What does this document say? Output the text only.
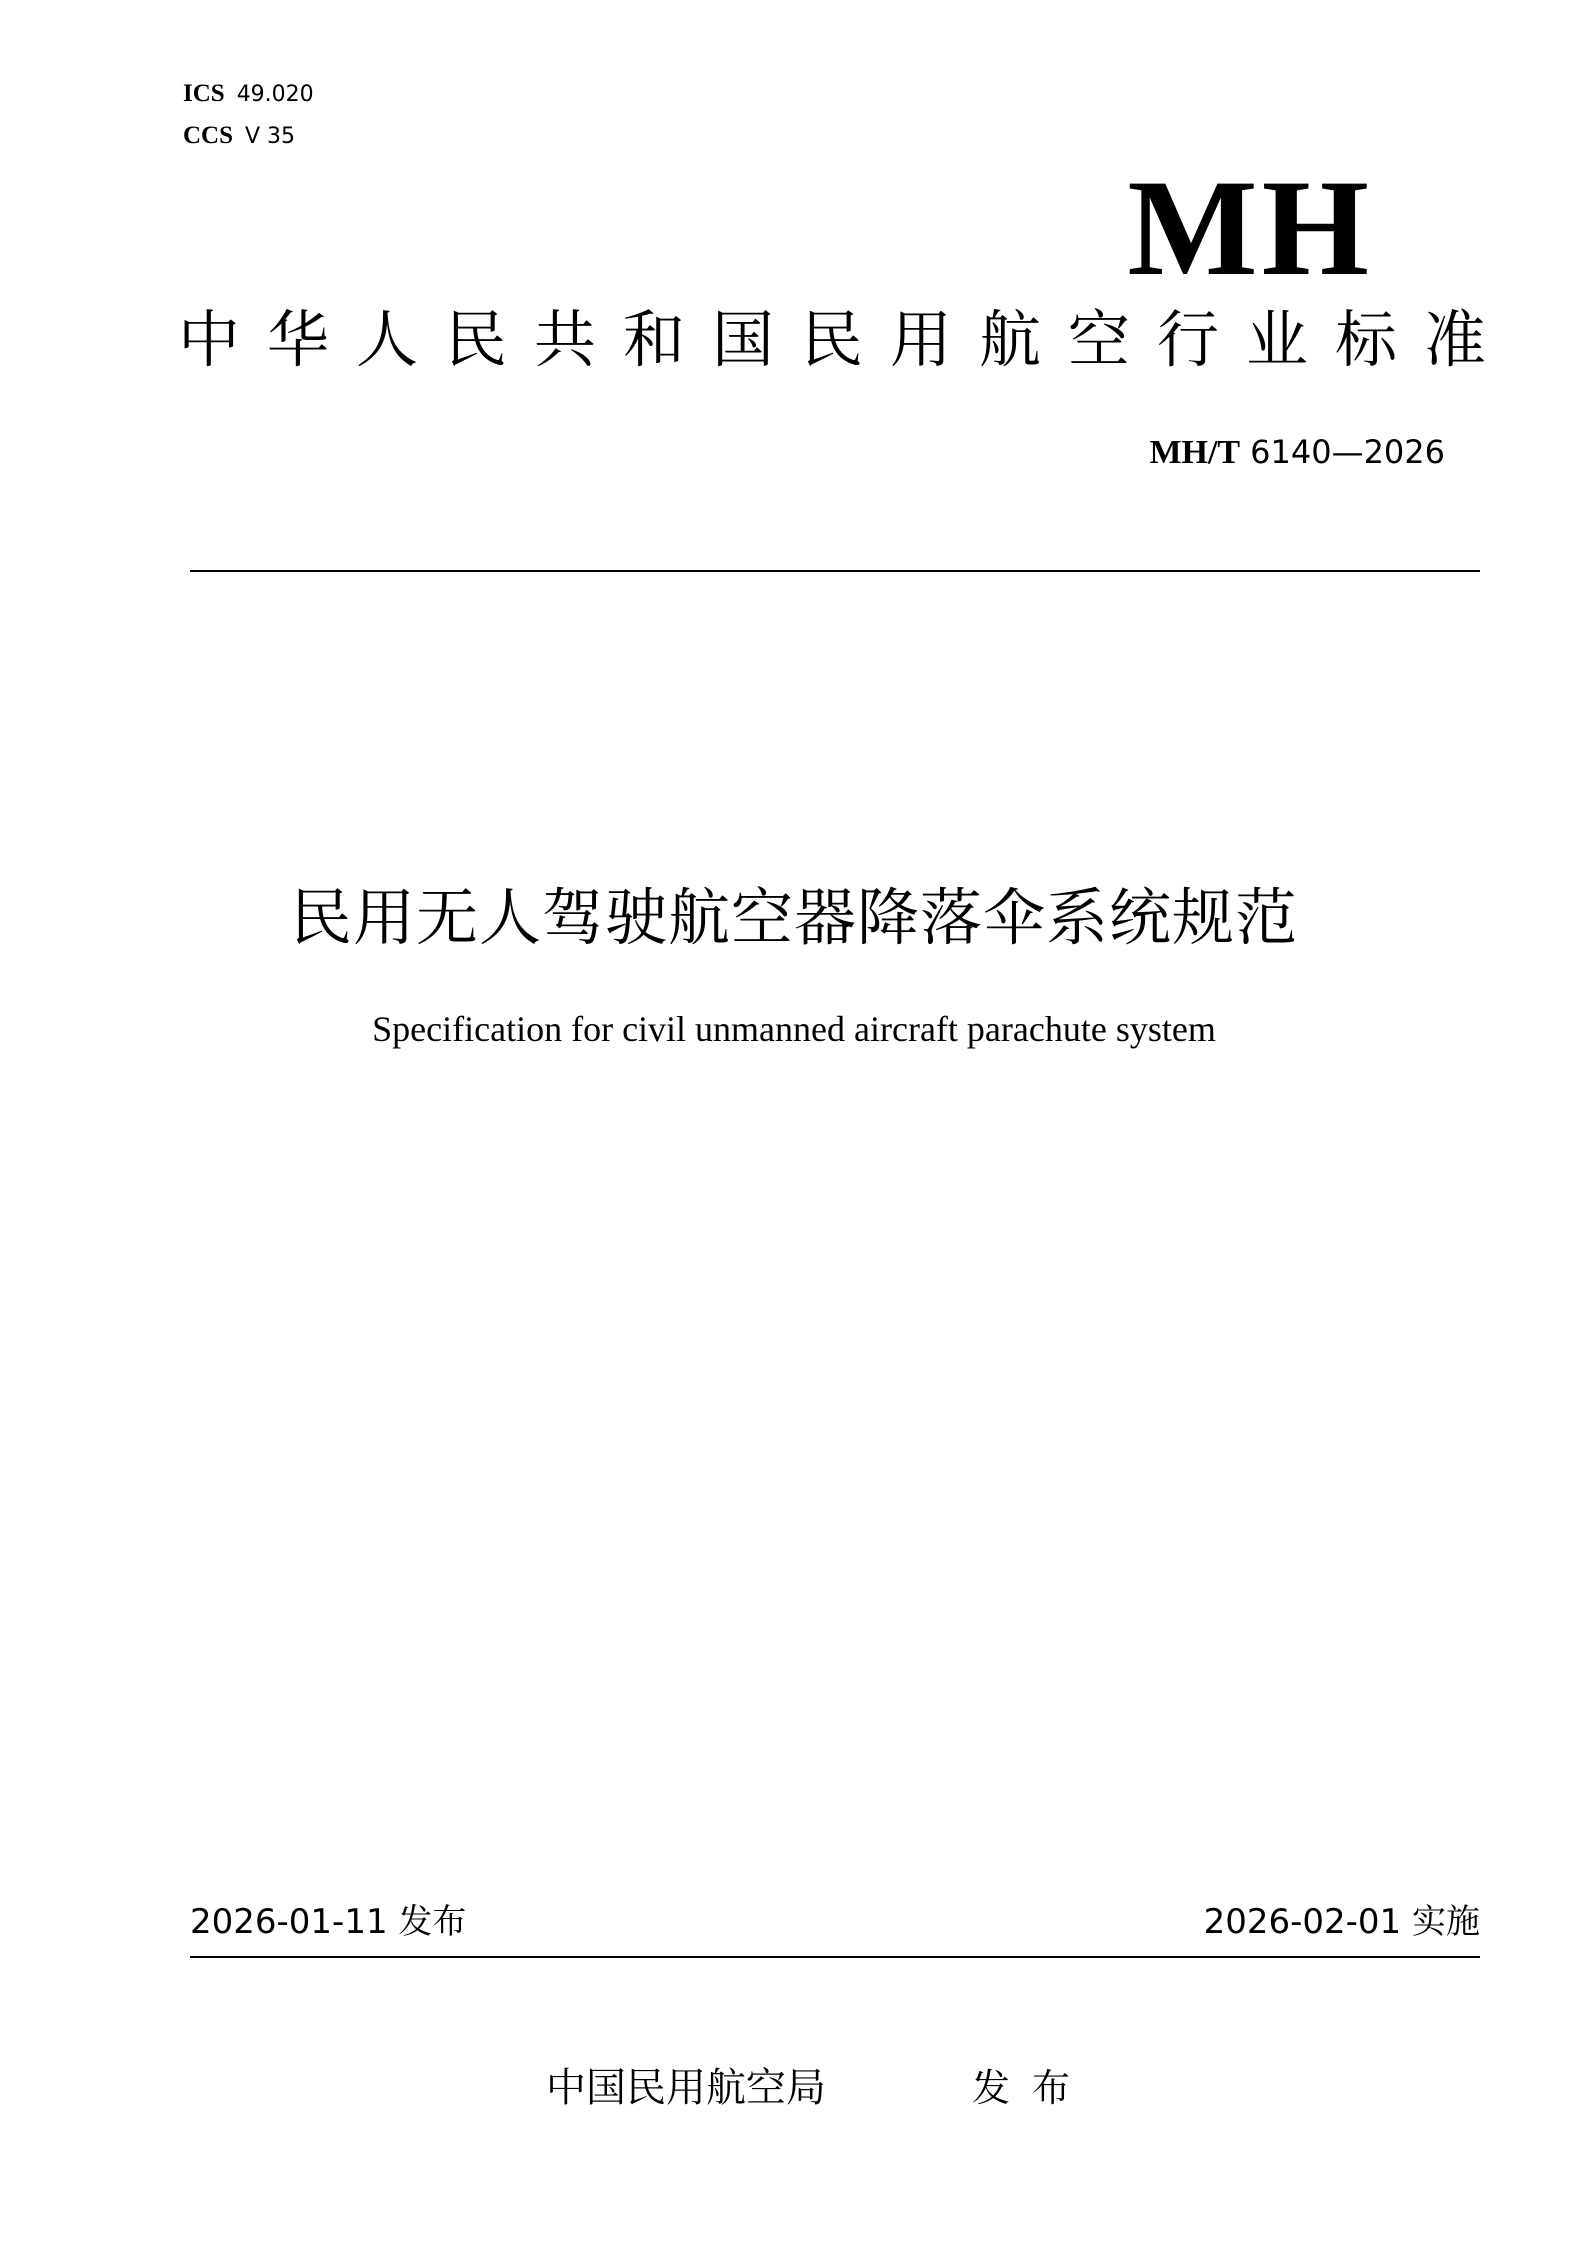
ICS 49.020
CCS V 35
MH
中华人民共和国民用航空行业标准
MH/T 6140—2026
民用无人驾驶航空器降落伞系统规范
Specification for civil unmanned aircraft parachute system
2026-01-11 发布	2026-02-01 实施
中国民用航空局	发布
